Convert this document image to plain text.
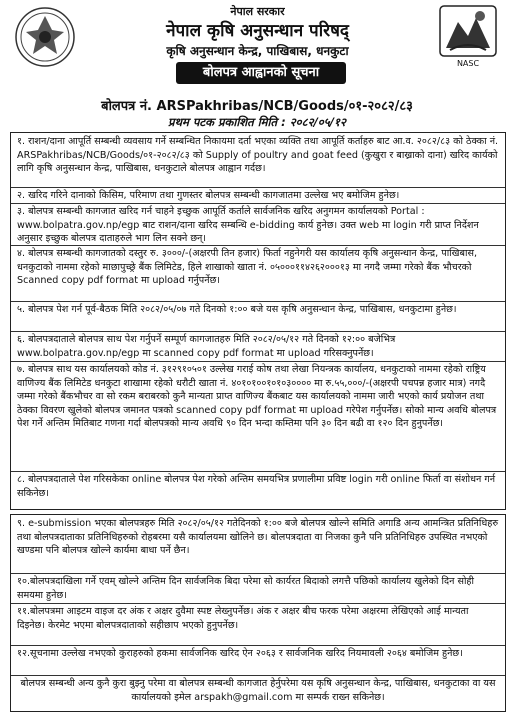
नेपाल सरकार
नेपाल कृषि अनुसन्धान परिषद्
कृषि अनुसन्धान केन्द्र, पाखिबास, धनकुटा
बोलपत्र आह्वानको सूचना
NASC
बोलपत्र नं. ARSPakhribas/NCB/Goods/०१-२०८२/८३
प्रथम पटक प्रकाशित मिति : २०८२/०५/१२
१. राशन/दाना आपूर्ति सम्बन्धी व्यवसाय गर्ने सम्बन्धित निकायमा दर्ता भएका व्यक्ति तथा आपूर्ति कर्ताहरु बाट आ.व. २०८२/८३ को ठेक्का नं. ARSPakhribas/NCB/Goods/०१-२०८२/८३ को Supply of poultry and goat feed (कुखुरा र बाख्राको दाना) खरिद कार्यको लागि कृषि अनुसन्धान केन्द्र, पाखिबास, धनकुटाले बोलपत्र आह्वान गर्दछ।
२. खरिद गरिने दानाको किसिम, परिमाण तथा गुणस्तर बोलपत्र सम्बन्धी कागजातमा उल्लेख भए बमोजिम हुनेछ।
३. बोलपत्र सम्बन्धी कागजात खरिद गर्न चाहने इच्छुक आपूर्ति कर्ताले सार्वजनिक खरिद अनुगमन कार्यालयको Portal : www.bolpatra.gov.np/egp बाट राशन/दाना खरिद सम्बन्धि e-bidding कार्य हुनेछ। उक्त web मा login गरी प्राप्त निर्देशन अनुसार इच्छुक बोलपत्र दाताहरुले भाग लिन सक्ने छन्।
४. बोलपत्र सम्बन्धी कागजातको दस्तुर रु. ३०००/-(अक्षरपी तिन हजार) फिर्ता नहुनेगरी यस कार्यालय कृषि अनुसन्धान केन्द्र, पाखिबास, धनकुटाको नाममा रहेको माछापुच्छ्रे बैंक लिमिटेड, हिले शाखाको खाता नं. ०५०००११४२६२०००१३ मा नगदै जम्मा गरेको बैंक भौचरको Scanned copy pdf format मा upload गर्नुपर्नेछ।
५. बोलपत्र पेश गर्न पूर्व-बैठक मिति २०८२/०५/०७ गते दिनको १:०० बजे यस कृषि अनुसन्धान केन्द्र, पाखिबास, धनकुटामा हुनेछ।
६. बोलपत्रदाताले बोलपत्र साथ पेश गर्नुपर्ने सम्पूर्ण कागजातहरु मिति २०८२/०५/१२ गते दिनको १२:०० बजेभित्र www.bolpatra.gov.np/egp मा scanned copy pdf format मा upload गरिसक्नुपर्नेछ।
७. बोलपत्र साथ यस कार्यालयको कोड नं. ३१२९१०५०१ उल्लेख गराई कोष तथा लेखा नियन्त्रक कार्यालय, धनकुटाको नाममा रहेको राष्ट्रिय वाणिज्य बैंक लिमिटेड धनकुटा शाखामा रहेको धरौटी खाता नं. ४०१०१००१०१०३०००० मा रु.५५,०००/-(अक्षरपी पचपन्न हजार मात्र) नगदै जम्मा गरेको बैंकभौचर वा सो रकम बराबरको कुनै मान्यता प्राप्त वाणिज्य बैंकबाट यस कार्यालयको नाममा जारी भएको कार्य प्रयोजन तथा ठेक्का विवरण खुलेको बोलपत्र जमानत पत्रको scanned copy pdf format मा upload गरेपेश गर्नुपर्नेछ। सोको मान्य अवधि बोलपत्र पेश गर्ने अन्तिम मितिबाट गणना गर्दा बोलपत्रको मान्य अवधि ९० दिन भन्दा कम्तिमा पनि ३० दिन बढी वा १२० दिन हुनुपर्नेछ।
८. बोलपत्रदाताले पेश गरिसकेका online बोलपत्र पेश गरेको अन्तिम समयभित्र प्रणालीमा प्रविष्ट login गरी online फिर्ता वा संशोधन गर्न सकिनेछ।
९. e-submission भएका बोलपत्रहरु मिति २०८२/०५/१२ गतेदिनको १:०० बजे बोलपत्र खोल्ने समिति अगाडि अन्य आमन्त्रित प्रतिनिधिहरु तथा बोलपत्रदाताका प्रतिनिधिहरुको रोहबरमा यसै कार्यालयमा खोलिने छ। बोलपत्रदाता वा निजका कुनै पनि प्रतिनिधिहरु उपस्थित नभएको खण्डमा पनि बोलपत्र खोल्ने कार्यमा बाधा पर्ने छैन।
१०.बोलपत्रदाखिला गर्ने एवम् खोल्ने अन्तिम दिन सार्वजनिक बिदा परेमा सो कार्यरत बिदाको लगत्तै पछिको कार्यालय खुलेको दिन सोही समयमा हुनेछ।
११.बोलपत्रमा आइटम वाइज दर अंक र अक्षर दुवैमा स्पष्ट लेख्नुपर्नेछ। अंक र अक्षर बीच फरक परेमा अक्षरमा लेखिएको आई मान्यता दिइनेछ। केरमेट भएमा बोलपत्रदाताको सहीछाप भएको हुनुपर्नेछ।
१२.सूचनामा उल्लेख नभएको कुराहरुको हकमा सार्वजनिक खरिद ऐन २०६३ र सार्वजनिक खरिद नियमावली २०६४ बमोजिम हुनेछ।
बोलपत्र सम्बन्धी अन्य कुनै कुरा बुझ्नु परेमा वा बोलपत्र सम्बन्धी कागजात हेर्नुपरेमा यस कृषि अनुसन्धान केन्द्र, पाखिबास, धनकुटाका वा यस कार्यालयको इमेल arspakh@gmail.com मा सम्पर्क राख्न सकिनेछ।
